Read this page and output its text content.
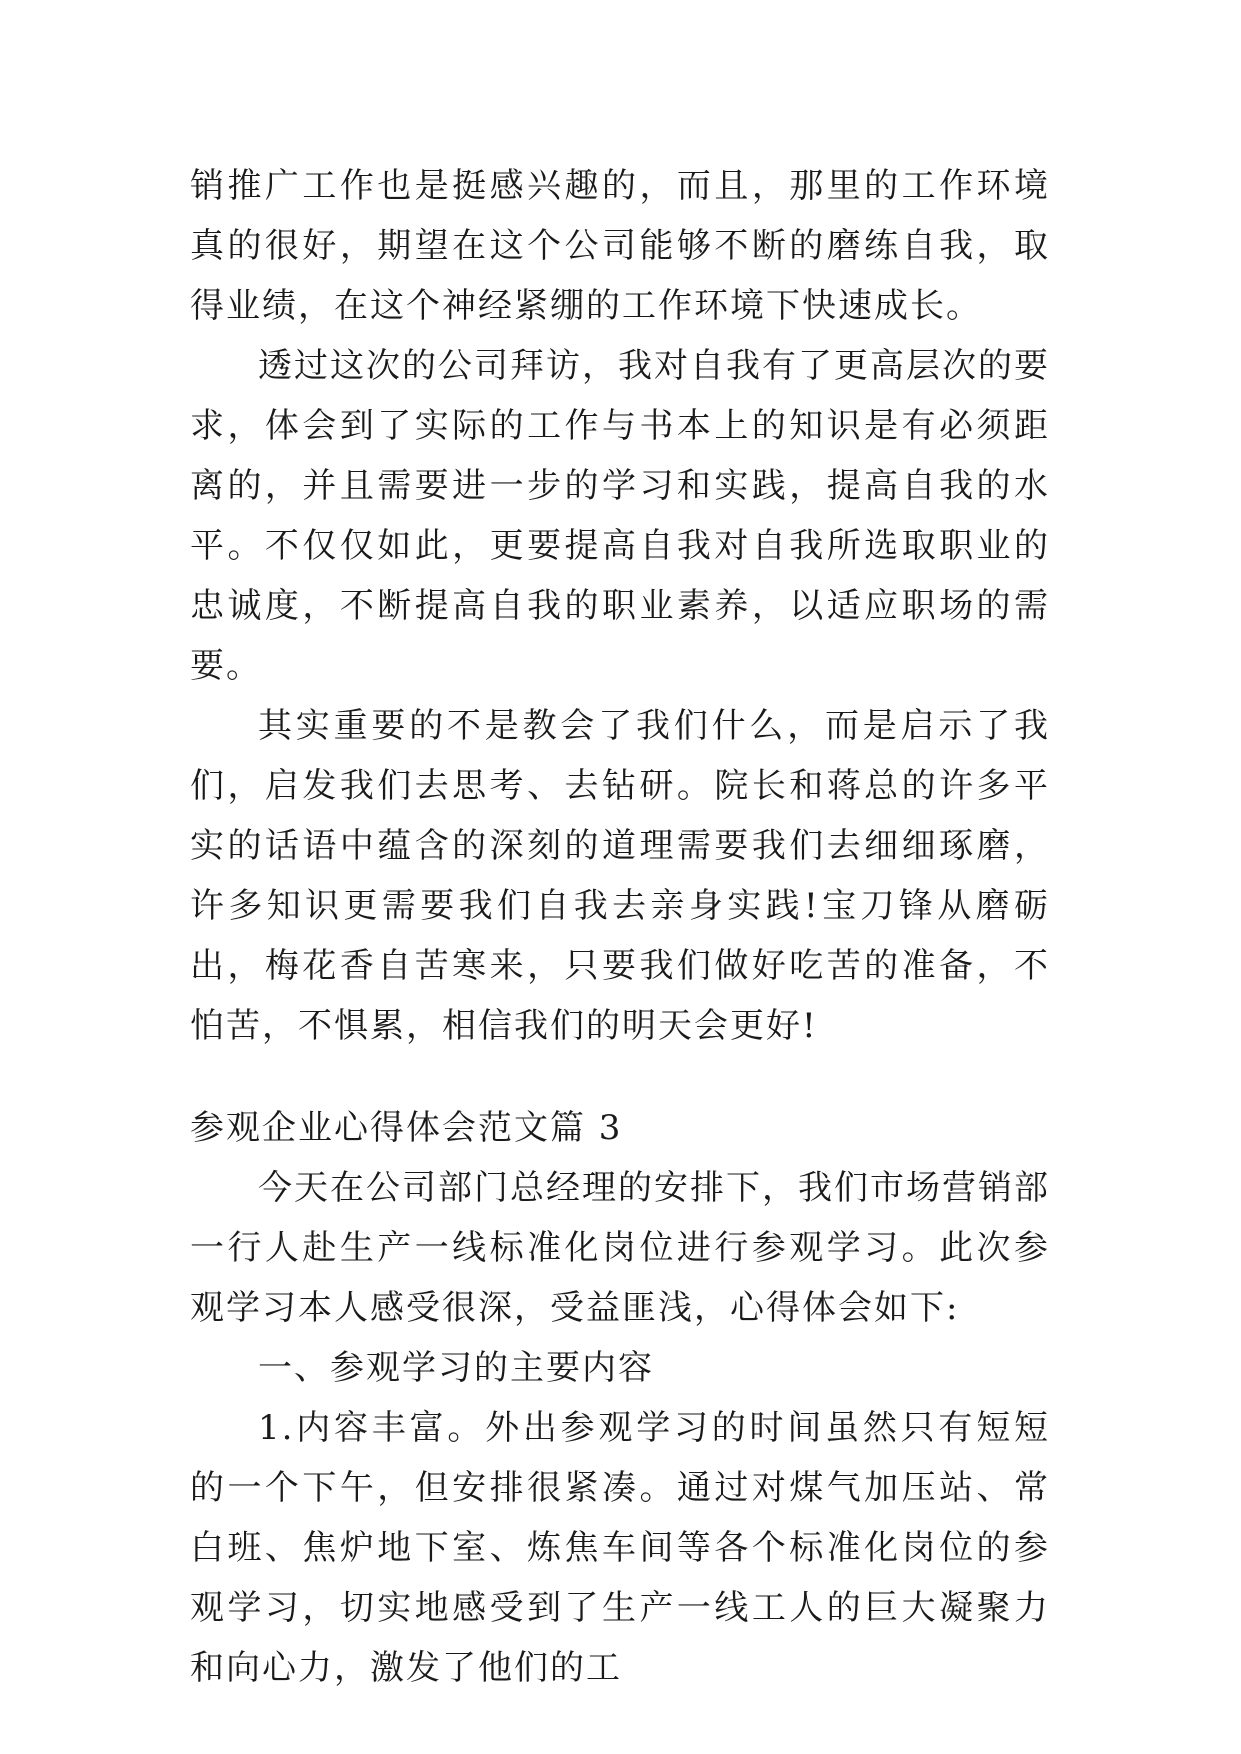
销推广工作也是挺感兴趣的，而且，那里的工作环境真的很好，期望在这个公司能够不断的磨练自我，取得业绩，在这个神经紧绷的工作环境下快速成长。

透过这次的公司拜访，我对自我有了更高层次的要求，体会到了实际的工作与书本上的知识是有必须距离的，并且需要进一步的学习和实践，提高自我的水平。不仅仅如此，更要提高自我对自我所选取职业的忠诚度，不断提高自我的职业素养，以适应职场的需要。

其实重要的不是教会了我们什么，而是启示了我们，启发我们去思考、去钻研。院长和蒋总的许多平实的话语中蕴含的深刻的道理需要我们去细细琢磨，许多知识更需要我们自我去亲身实践!宝刀锋从磨砺出，梅花香自苦寒来，只要我们做好吃苦的准备，不怕苦，不惧累，相信我们的明天会更好!

参观企业心得体会范文篇 3

今天在公司部门总经理的安排下，我们市场营销部一行人赴生产一线标准化岗位进行参观学习。此次参观学习本人感受很深，受益匪浅，心得体会如下:

一、参观学习的主要内容

1.内容丰富。外出参观学习的时间虽然只有短短的一个下午，但安排很紧凑。通过对煤气加压站、常白班、焦炉地下室、炼焦车间等各个标准化岗位的参观学习，切实地感受到了生产一线工人的巨大凝聚力和向心力，激发了他们的工
